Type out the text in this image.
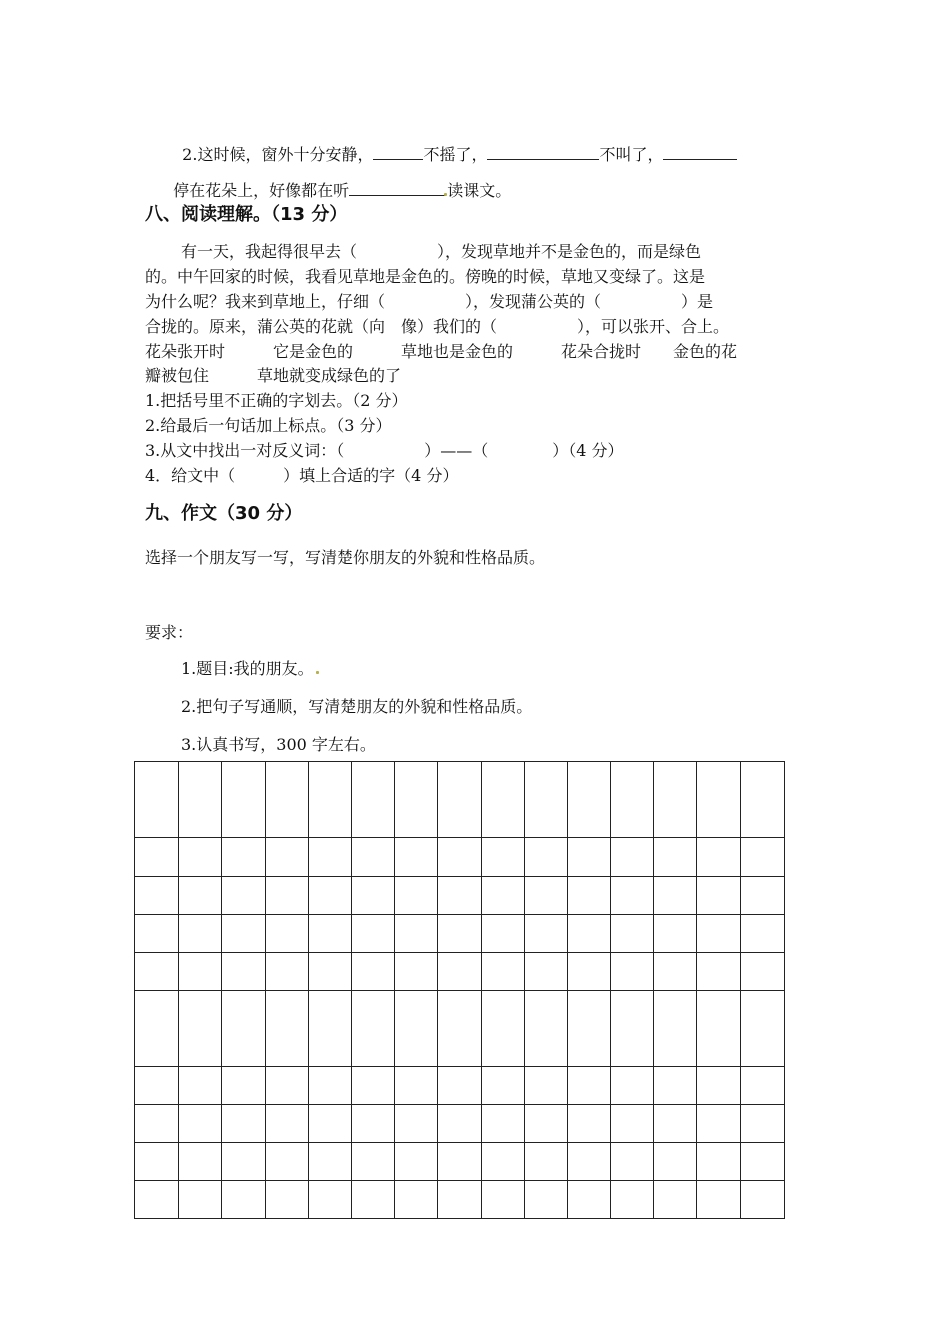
2.这时候，窗外十分安静，	不摇了，	不叫了，

停在花朵上，好像都在听	读课文。

八、阅读理解。（13 分）
有一天，我起得很早去（　　　　　），发现草地并不是金色的，而是绿色
的。中午回家的时候，我看见草地是金色的。傍晚的时候，草地又变绿了。这是
为什么呢？我来到草地上，仔细（　　　　　），发现蒲公英的（　　　　　）是
合拢的。原来，蒲公英的花就（向　像）我们的（　　　　　），可以张开、合上。
花朵张开时　　　它是金色的　　　草地也是金色的　　　花朵合拢时　　金色的花
瓣被包住　　　草地就变成绿色的了
1.把括号里不正确的字划去。（2 分）
2.给最后一句话加上标点。（3 分）
3.从文中找出一对反义词：（　　　　　）——（　　　　）（4 分）
4．给文中（　　　）填上合适的字（4 分）
九、作文（30 分）
选择一个朋友写一写，写清楚你朋友的外貌和性格品质。
要求：
1.题目:我的朋友。
2.把句子写通顺，写清楚朋友的外貌和性格品质。
3.认真书写，300 字左右。
